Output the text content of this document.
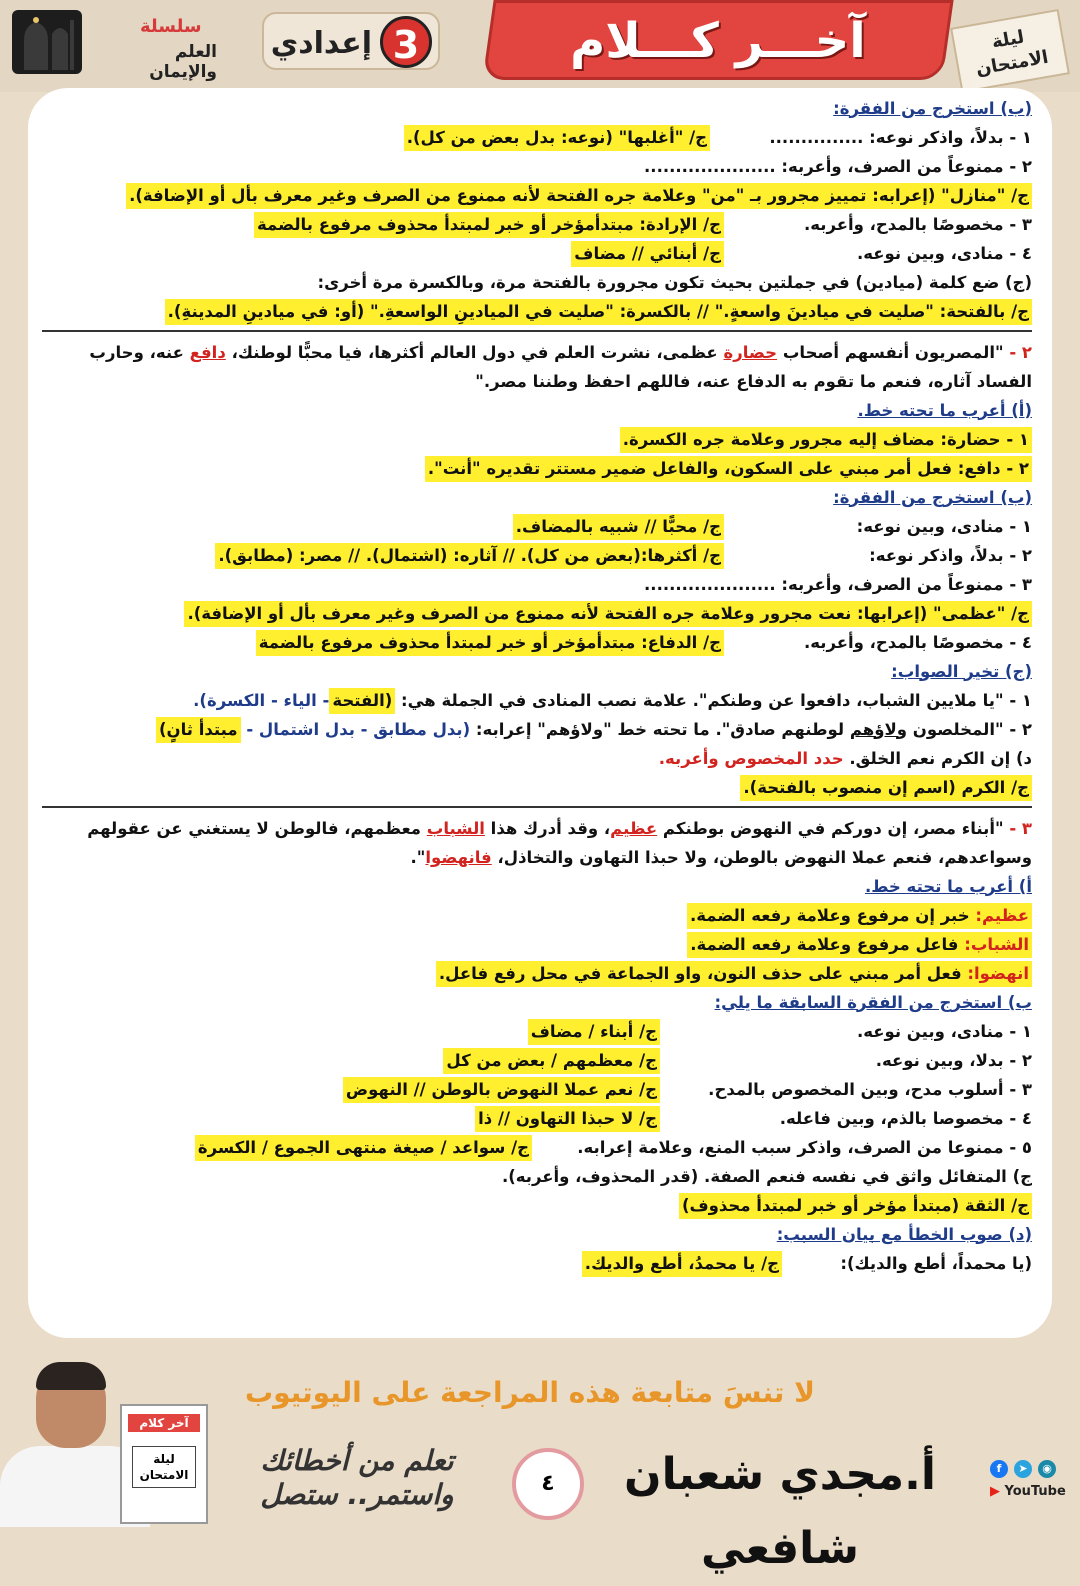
سلسلة
العلم والإيمان
3
إعدادي	آخـــر كـــلام	ليلة الامتحان
(ب) استخرج من الفقرة:
١ - بدلاً، واذكر نوعه: ...............
ج/ "أغلبها" (نوعه: بدل بعض من كل).
٢ - ممنوعاً من الصرف، وأعربه: .....................
ج/ "منازل" (إعرابه: تمييز مجرور بـ "من" وعلامة جره الفتحة لأنه ممنوع من الصرف وغير معرف بأل أو الإضافة).
٣ - مخصوصًا بالمدح، وأعربه.
ج/ الإرادة: مبتدأمؤخر أو خبر لمبتدأ محذوف مرفوع بالضمة
٤ - منادى، وبين نوعه.
ج/ أبنائي // مضاف
(ج) ضع كلمة (ميادين) في جملتين بحيث تكون مجرورة بالفتحة مرة، وبالكسرة مرة أخرى:
ج/ بالفتحة: "صليت في ميادينَ واسعةٍ." // بالكسرة: "صليت في الميادينِ الواسعةِ." (أو: في ميادينِ المدينةِ).
٢ - "المصريون أنفسهم أصحاب حضارة عظمى، نشرت العلم في دول العالم أكثرها، فيا محبًّا لوطنك، دافع عنه، وحارب الفساد آثاره، فنعم ما تقوم به الدفاع عنه، فاللهم احفظ وطننا مصر."
(أ) أعرب ما تحته خط.
١ - حضارة: مضاف إليه مجرور وعلامة جره الكسرة.
٢ - دافع: فعل أمر مبني على السكون، والفاعل ضمير مستتر تقديره "أنت".
(ب) استخرج من الفقرة:
١ - منادى، وبين نوعه:
ج/ محبًّا // شبيه بالمضاف.
٢ - بدلاً، واذكر نوعه:
ج/ أكثرها:(بعض من كل). // آثاره: (اشتمال). // مصر: (مطابق).
٣ - ممنوعاً من الصرف، وأعربه: .....................
ج/ "عظمى" (إعرابها: نعت مجرور وعلامة جره الفتحة لأنه ممنوع من الصرف وغير معرف بأل أو الإضافة).
٤ - مخصوصًا بالمدح، وأعربه.
ج/ الدفاع: مبتدأمؤخر أو خبر لمبتدأ محذوف مرفوع بالضمة
(ج) تخير الصواب:
١ - "يا ملايين الشباب، دافعوا عن وطنكم". علامة نصب المنادى في الجملة هي:

(الفتحة
- الياء - الكسرة).
٢ - "المخلصون

ولاؤهم

لوطنهم صادق". ما تحته خط "ولاؤهم" إعرابه:

(بدل مطابق

- بدل اشتمال -

مبتدأ ثانٍ)
د) إن الكرم نعم الخلق.

حدد المخصوص وأعربه.
ج/ الكرم (اسم إن منصوب بالفتحة).
٣ - "أبناء مصر، إن دوركم في النهوض بوطنكم عظيم، وقد أدرك هذا الشباب معظمهم، فالوطن لا يستغني عن عقولهم وسواعدهم، فنعم عملا النهوض بالوطن، ولا حبذا التهاون والتخاذل، فانهضوا".
أ) أعرب ما تحته خط.
عظيم: خبر إن مرفوع وعلامة رفعه الضمة.
الشباب: فاعل مرفوع وعلامة رفعه الضمة.
انهضوا: فعل أمر مبني على حذف النون، واو الجماعة في محل رفع فاعل.
ب) استخرج من الفقرة السابقة ما يلي:
١ - منادى، وبين نوعه.
ج/ أبناء / مضاف
٢ - بدلا، وبين نوعه.
ج/ معظمهم / بعض من كل
٣ - أسلوب مدح، وبين المخصوص بالمدح.
ج/ نعم عملا النهوض بالوطن // النهوض
٤ - مخصوصا بالذم، وبين فاعله.
ج/ لا حبذا التهاون // ذا
٥ - ممنوعا من الصرف، واذكر سبب المنع، وعلامة إعرابه.
ج/ سواعد / صيغة منتهى الجموع / الكسرة
ج) المتفائل واثق في نفسه فنعم الصفة. (قدر المحذوف، وأعربه).
ج/ الثقة (مبتدأ مؤخر أو خبر لمبتدأ محذوف)
(د) صوب الخطأ مع بيان السبب:
(يا محمداً، أطع والديك):
ج/ يا محمدُ، أطع والديك.
لا تنسَ متابعة هذه المراجعة على اليوتيوب
أ.مجدي شعبان شافعي
٤
تعلم من أخطائك
واستمر.. ستصل
f	➤	◉
▶ YouTube
آخر كلام
ليلة الامتحان
